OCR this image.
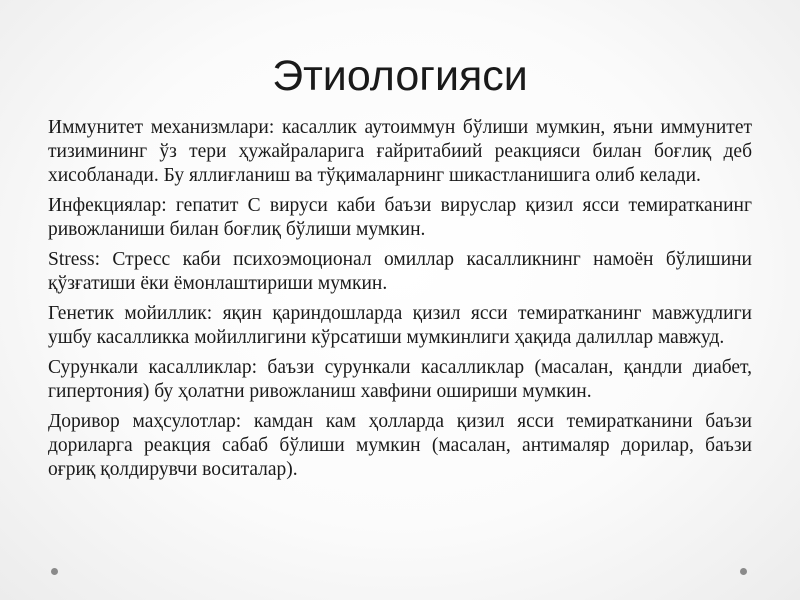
Этиологияси

Иммунитет механизмлари: касаллик аутоиммун бўлиши мумкин, яъни иммунитет тизимининг ўз тери ҳужайраларига ғайритабиий реакцияси билан боғлиқ деб хисобланади. Бу яллиғланиш ва тўқималарнинг шикастланишига олиб келади.

Инфекциялар: гепатит С вируси каби баъзи вируслар қизил ясси темиратканинг ривожланиши билан боғлиқ бўлиши мумкин.

Stress: Стресс каби психоэмоционал омиллар касалликнинг намоён бўлишини қўзғатиши ёки ёмонлаштириши мумкин.

Генетик мойиллик: яқин қариндошларда қизил ясси темиратканинг мавжудлиги ушбу касалликка мойиллигини кўрсатиши мумкинлиги ҳақида далиллар мавжуд.

Сурункали касалликлар: баъзи сурункали касалликлар (масалан, қандли диабет, гипертония) бу ҳолатни ривожланиш хавфини ошириши мумкин.

Доривор маҳсулотлар: камдан кам ҳолларда қизил ясси темиратканини баъзи дориларга реакция сабаб бўлиши мумкин (масалан, антималяр дорилар, баъзи оғриқ қолдирувчи воситалар).
